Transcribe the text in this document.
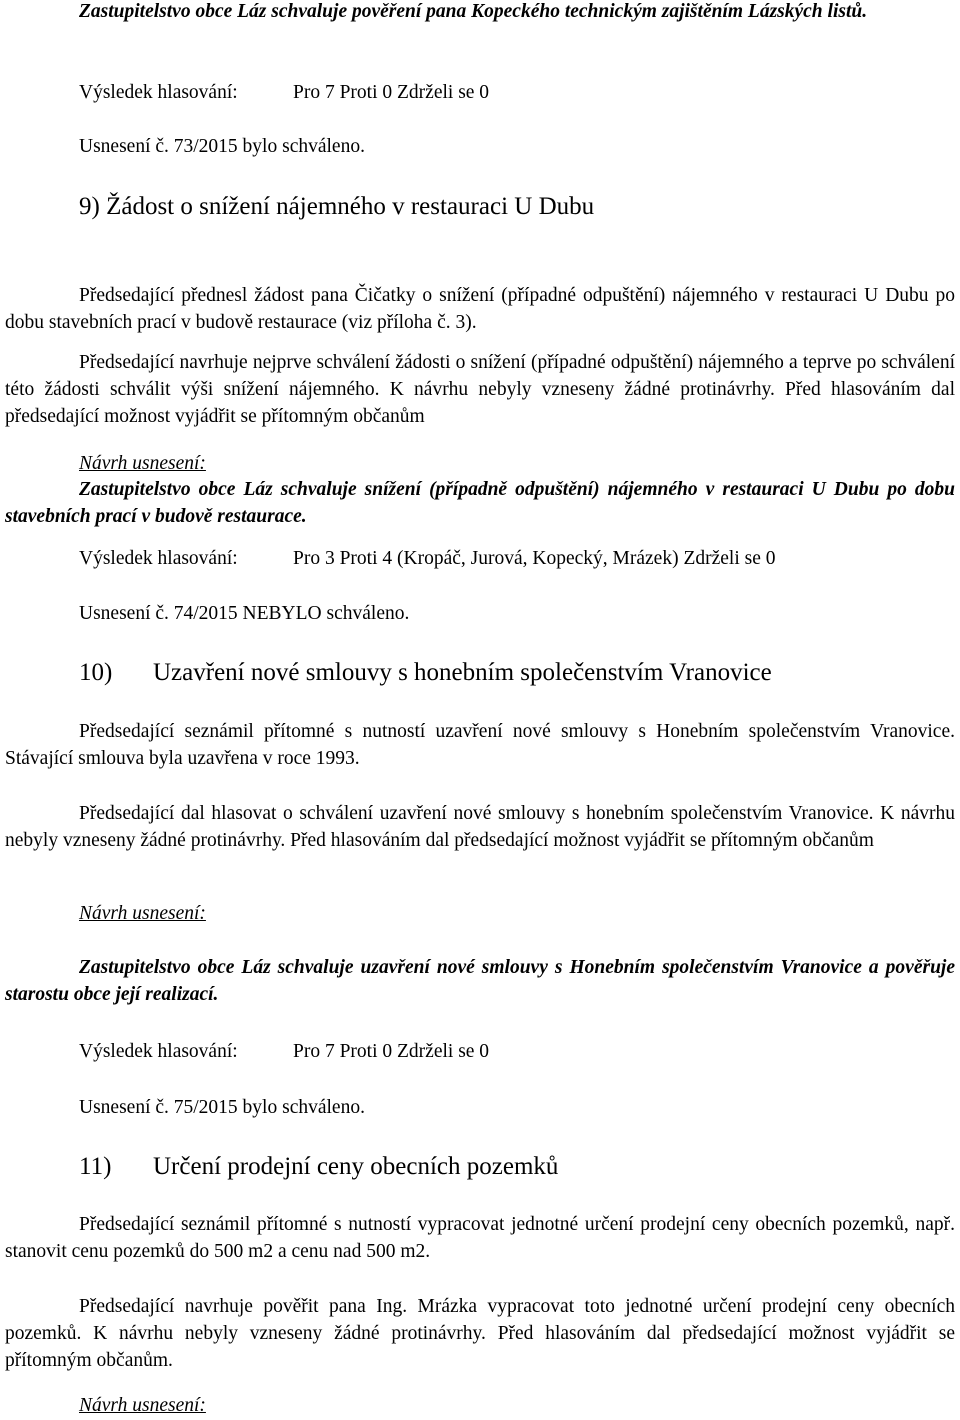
Zastupitelstvo obce Láz schvaluje pověření pana Kopeckého technickým zajištěním Lázských listů.

Výsledek hlasování:	Pro 7 Proti 0 Zdrželi se 0
Usnesení č. 73/2015 bylo schváleno.
9) Žádost o snížení nájemného v restauraci U Dubu

Předsedající přednesl žádost pana Čičatky o snížení (případné odpuštění) nájemného v restauraci U Dubu po dobu stavebních prací v budově restaurace (viz příloha č. 3).

Předsedající navrhuje nejprve schválení žádosti o snížení (případné odpuštění) nájemného a teprve po schválení této žádosti schválit výši snížení nájemného. K návrhu nebyly vzneseny žádné protinávrhy. Před hlasováním dal předsedající možnost vyjádřit se přítomným občanům

Návrh usnesení:

Zastupitelstvo obce Láz schvaluje snížení (případně odpuštění) nájemného v restauraci U Dubu po dobu stavebních prací v budově restaurace.

Výsledek hlasování:	Pro 3 Proti 4 (Kropáč, Jurová, Kopecký, Mrázek) Zdrželi se 0
Usnesení č. 74/2015 NEBYLO schváleno.
10) Uzavření nové smlouvy s honebním společenstvím Vranovice

Předsedající seznámil přítomné s nutností uzavření nové smlouvy s Honebním společenstvím Vranovice. Stávající smlouva byla uzavřena v roce 1993.

Předsedající dal hlasovat o schválení uzavření nové smlouvy s honebním společenstvím Vranovice. K návrhu nebyly vzneseny žádné protinávrhy. Před hlasováním dal předsedající možnost vyjádřit se přítomným občanům

Návrh usnesení:

Zastupitelstvo obce Láz schvaluje uzavření nové smlouvy s Honebním společenstvím Vranovice a pověřuje starostu obce její realizací.

Výsledek hlasování:	Pro 7 Proti 0 Zdrželi se 0
Usnesení č. 75/2015 bylo schváleno.
11) Určení prodejní ceny obecních pozemků

Předsedající seznámil přítomné s nutností vypracovat jednotné určení prodejní ceny obecních pozemků, např. stanovit cenu pozemků do 500 m2 a cenu nad 500 m2.

Předsedající navrhuje pověřit pana Ing. Mrázka vypracovat toto jednotné určení prodejní ceny obecních pozemků. K návrhu nebyly vzneseny žádné protinávrhy. Před hlasováním dal předsedající možnost vyjádřit se přítomným občanům.

Návrh usnesení:
